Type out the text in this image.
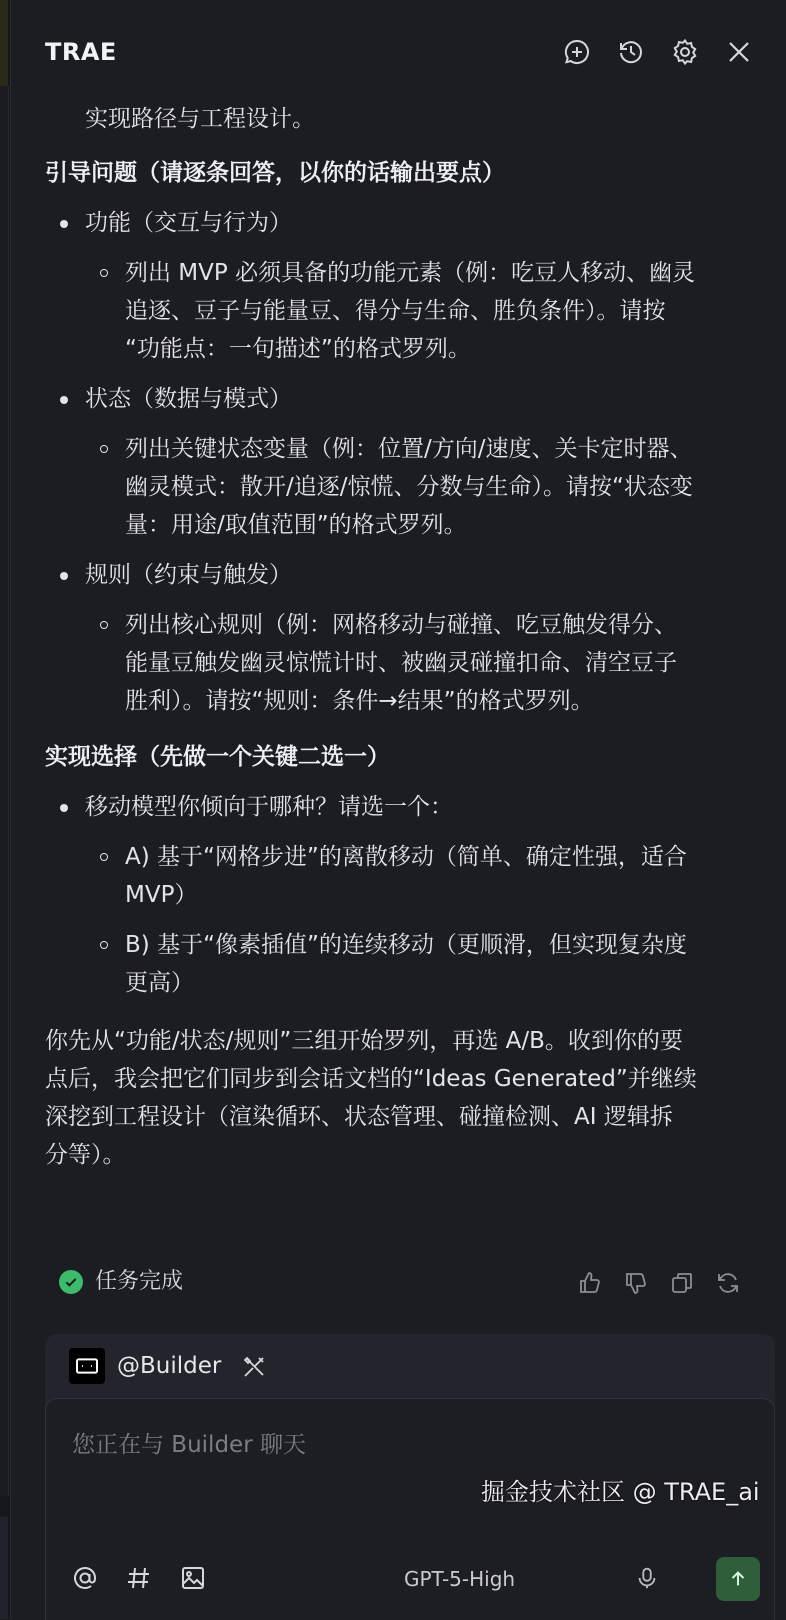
TRAE
实现路径与工程设计。
引导问题（请逐条回答，以你的话输出要点）
功能（交互与行为）
列出 MVP 必须具备的功能元素（例：吃豆人移动、幽灵
追逐、豆子与能量豆、得分与生命、胜负条件）。请按
“功能点：一句描述”的格式罗列。
状态（数据与模式）
列出关键状态变量（例：位置/方向/速度、关卡定时器、
幽灵模式：散开/追逐/惊慌、分数与生命）。请按“状态变
量：用途/取值范围”的格式罗列。
规则（约束与触发）
列出核心规则（例：网格移动与碰撞、吃豆触发得分、
能量豆触发幽灵惊慌计时、被幽灵碰撞扣命、清空豆子
胜利）。请按“规则：条件→结果”的格式罗列。
实现选择（先做一个关键二选一）
移动模型你倾向于哪种？请选一个：
A) 基于“网格步进”的离散移动（简单、确定性强，适合
MVP）
B) 基于“像素插值”的连续移动（更顺滑，但实现复杂度
更高）
你先从“功能/状态/规则”三组开始罗列，再选 A/B。收到你的要
点后，我会把它们同步到会话文档的“Ideas Generated”并继续
深挖到工程设计（渲染循环、状态管理、碰撞检测、AI 逻辑拆
分等）。
任务完成
@Builder
您正在与 Builder 聊天
GPT-5-High
掘金技术社区 @ TRAE_ai
